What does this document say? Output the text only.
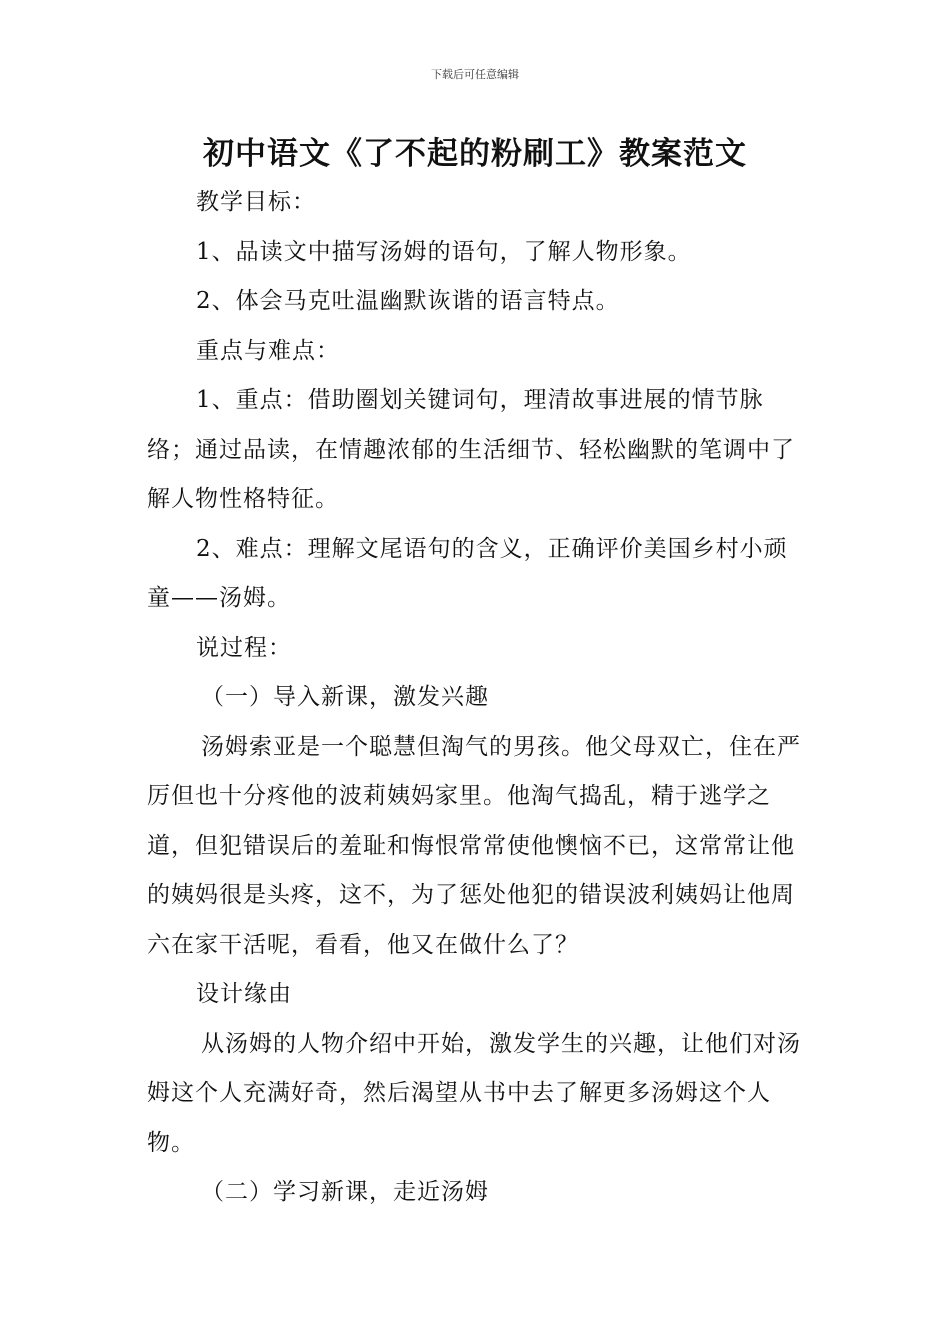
下载后可任意编辑
初中语文《了不起的粉刷工》教案范文

教学目标：

1、品读文中描写汤姆的语句，了解人物形象。

2、体会马克吐温幽默诙谐的语言特点。

重点与难点：

1、重点：借助圈划关键词句，理清故事进展的情节脉络；通过品读，在情趣浓郁的生活细节、轻松幽默的笔调中了解人物性格特征。

2、难点：理解文尾语句的含义，正确评价美国乡村小顽童——汤姆。

说过程：

（一）导入新课，激发兴趣

汤姆索亚是一个聪慧但淘气的男孩。他父母双亡，住在严厉但也十分疼他的波莉姨妈家里。他淘气捣乱，精于逃学之道，但犯错误后的羞耻和悔恨常常使他懊恼不已，这常常让他的姨妈很是头疼，这不，为了惩处他犯的错误波利姨妈让他周六在家干活呢，看看，他又在做什么了？

设计缘由

从汤姆的人物介绍中开始，激发学生的兴趣，让他们对汤姆这个人充满好奇，然后渴望从书中去了解更多汤姆这个人物。

（二）学习新课，走近汤姆
